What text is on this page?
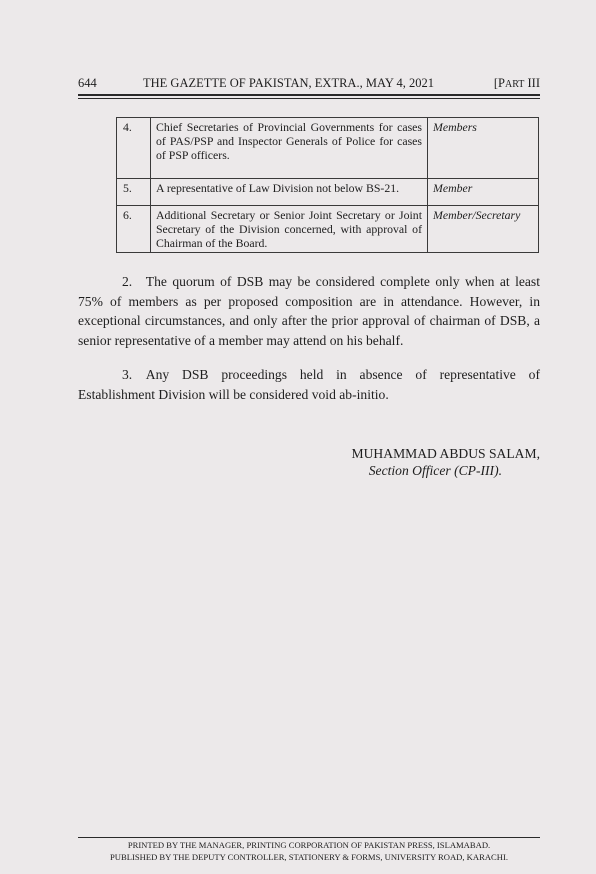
644	THE GAZETTE OF PAKISTAN, EXTRA., MAY 4, 2021	[PART III
4.	Chief Secretaries of Provincial Governments for cases of PAS/PSP and Inspector Generals of Police for cases of PSP officers.	Members
5.	A representative of Law Division not below BS-21.	Member
6.	Additional Secretary or Senior Joint Secretary or Joint Secretary of the Division concerned, with approval of Chairman of the Board.	Member/Secretary
2. The quorum of DSB may be considered complete only when at least 75% of members as per proposed composition are in attendance. However, in exceptional circumstances, and only after the prior approval of chairman of DSB, a senior representative of a member may attend on his behalf.
3. Any DSB proceedings held in absence of representative of Establishment Division will be considered void ab-initio.
MUHAMMAD ABDUS SALAM,
Section Officer (CP-III).
PRINTED BY THE MANAGER, PRINTING CORPORATION OF PAKISTAN PRESS, ISLAMABAD.
PUBLISHED BY THE DEPUTY CONTROLLER, STATIONERY & FORMS, UNIVERSITY ROAD, KARACHI.
